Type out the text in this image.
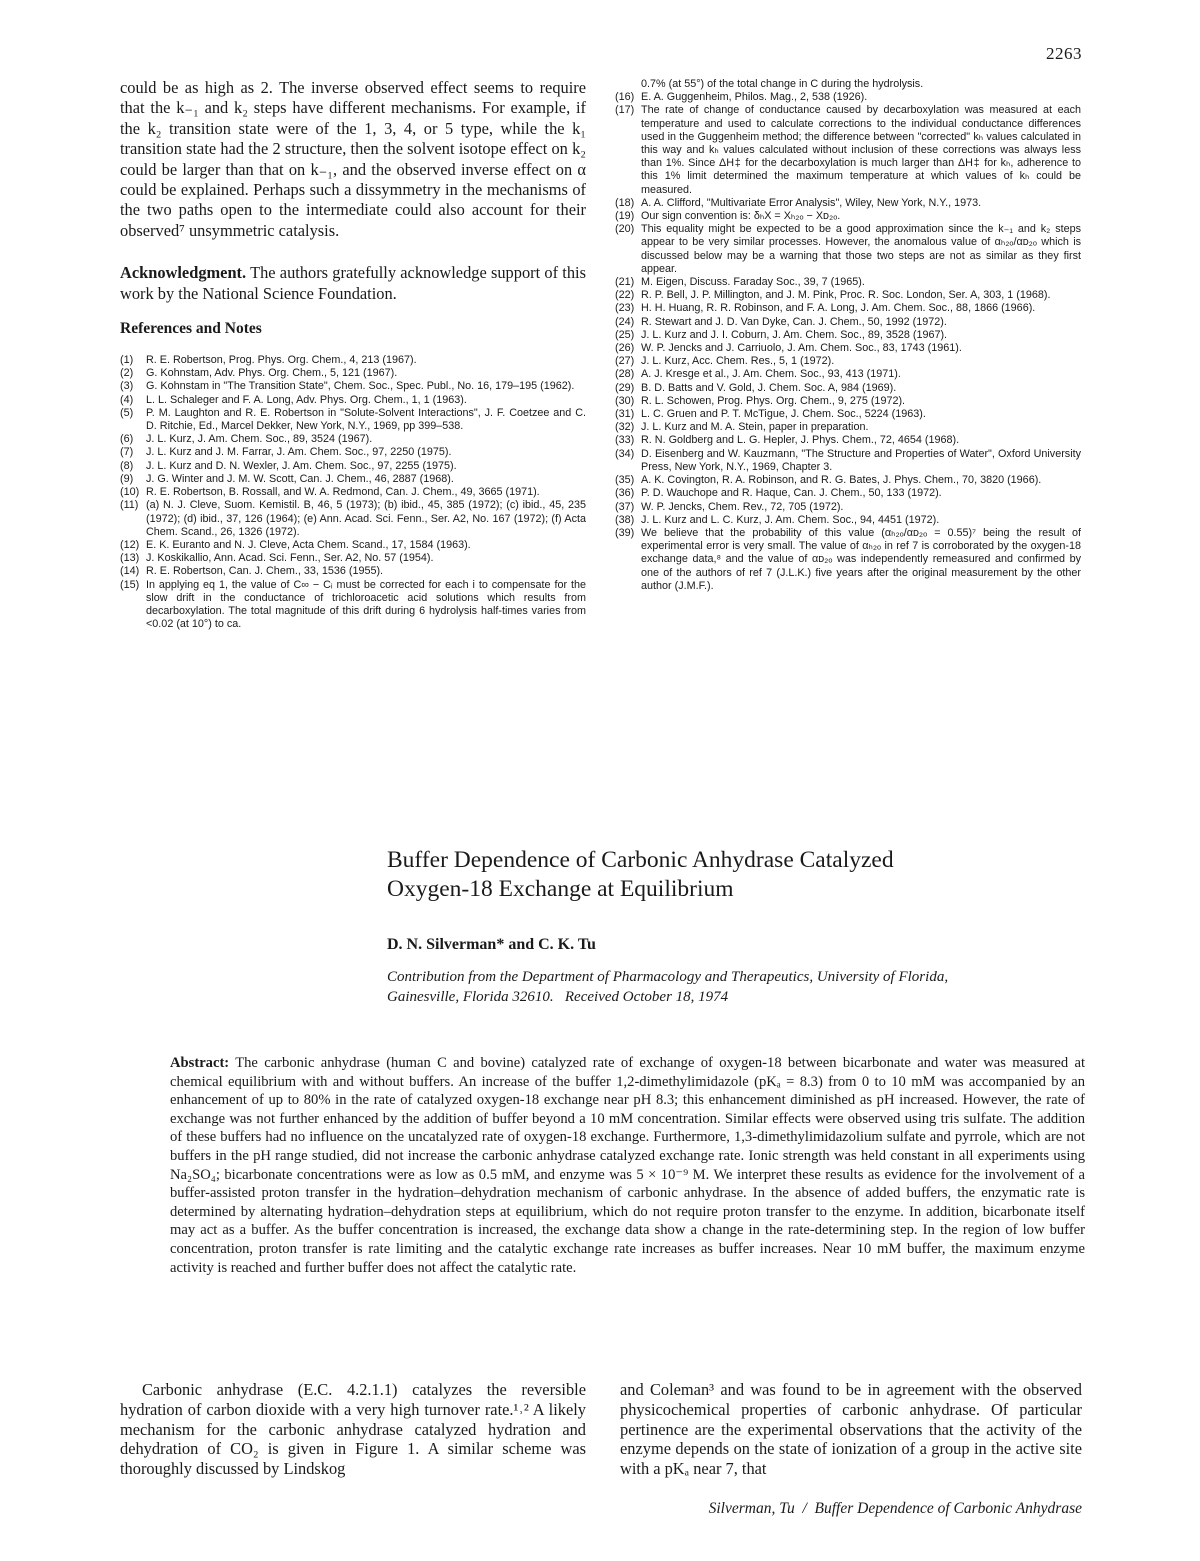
2263

could be as high as 2. The inverse observed effect seems to require that the k₋₁ and k₂ steps have different mechanisms. For example, if the k₂ transition state were of the 1, 3, 4, or 5 type, while the k₁ transition state had the 2 structure, then the solvent isotope effect on k₂ could be larger than that on k₋₁, and the observed inverse effect on α could be explained. Perhaps such a dissymmetry in the mechanisms of the two paths open to the intermediate could also account for their observed⁷ unsymmetric catalysis.

Acknowledgment. The authors gratefully acknowledge support of this work by the National Science Foundation.

References and Notes
(1)	R. E. Robertson, Prog. Phys. Org. Chem., 4, 213 (1967).
(2)	G. Kohnstam, Adv. Phys. Org. Chem., 5, 121 (1967).
(3)	G. Kohnstam in "The Transition State", Chem. Soc., Spec. Publ., No. 16, 179–195 (1962).
(4)	L. L. Schaleger and F. A. Long, Adv. Phys. Org. Chem., 1, 1 (1963).
(5)	P. M. Laughton and R. E. Robertson in "Solute-Solvent Interactions", J. F. Coetzee and C. D. Ritchie, Ed., Marcel Dekker, New York, N.Y., 1969, pp 399–538.
(6)	J. L. Kurz, J. Am. Chem. Soc., 89, 3524 (1967).
(7)	J. L. Kurz and J. M. Farrar, J. Am. Chem. Soc., 97, 2250 (1975).
(8)	J. L. Kurz and D. N. Wexler, J. Am. Chem. Soc., 97, 2255 (1975).
(9)	J. G. Winter and J. M. W. Scott, Can. J. Chem., 46, 2887 (1968).
(10) R. E. Robertson, B. Rossall, and W. A. Redmond, Can. J. Chem., 49, 3665 (1971).
(11) (a) N. J. Cleve, Suom. Kemistil. B, 46, 5 (1973); (b) ibid., 45, 385 (1972); (c) ibid., 45, 235 (1972); (d) ibid., 37, 126 (1964); (e) Ann. Acad. Sci. Fenn., Ser. A2, No. 167 (1972); (f) Acta Chem. Scand., 26, 1326 (1972).
(12) E. K. Euranto and N. J. Cleve, Acta Chem. Scand., 17, 1584 (1963).
(13) J. Koskikallio, Ann. Acad. Sci. Fenn., Ser. A2, No. 57 (1954).
(14) R. E. Robertson, Can. J. Chem., 33, 1536 (1955).
(15) In applying eq 1, the value of C∞ − Cᵢ must be corrected for each i to compensate for the slow drift in the conductance of trichloroacetic acid solutions which results from decarboxylation. The total magnitude of this drift during 6 hydrolysis half-times varies from <0.02 (at 10°) to ca.
0.7% (at 55°) of the total change in C during the hydrolysis.
(16) E. A. Guggenheim, Philos. Mag., 2, 538 (1926).
(17) The rate of change of conductance caused by decarboxylation was measured at each temperature and used to calculate corrections to the individual conductance differences used in the Guggenheim method; the difference between "corrected" kₕ values calculated in this way and kₕ values calculated without inclusion of these corrections was always less than 1%. Since ΔH‡ for the decarboxylation is much larger than ΔH‡ for kₕ, adherence to this 1% limit determined the maximum temperature at which values of kₕ could be measured.
(18) A. A. Clifford, "Multivariate Error Analysis", Wiley, New York, N.Y., 1973.
(19) Our sign convention is: δₕX = Xₕ₂ₒ − Xᴅ₂ₒ.
(20) This equality might be expected to be a good approximation since the k₋₁ and k₂ steps appear to be very similar processes. However, the anomalous value of αₕ₂ₒ/αᴅ₂ₒ which is discussed below may be a warning that those two steps are not as similar as they first appear.
(21) M. Eigen, Discuss. Faraday Soc., 39, 7 (1965).
(22) R. P. Bell, J. P. Millington, and J. M. Pink, Proc. R. Soc. London, Ser. A, 303, 1 (1968).
(23) H. H. Huang, R. R. Robinson, and F. A. Long, J. Am. Chem. Soc., 88, 1866 (1966).
(24) R. Stewart and J. D. Van Dyke, Can. J. Chem., 50, 1992 (1972).
(25) J. L. Kurz and J. I. Coburn, J. Am. Chem. Soc., 89, 3528 (1967).
(26) W. P. Jencks and J. Carriuolo, J. Am. Chem. Soc., 83, 1743 (1961).
(27) J. L. Kurz, Acc. Chem. Res., 5, 1 (1972).
(28) A. J. Kresge et al., J. Am. Chem. Soc., 93, 413 (1971).
(29) B. D. Batts and V. Gold, J. Chem. Soc. A, 984 (1969).
(30) R. L. Schowen, Prog. Phys. Org. Chem., 9, 275 (1972).
(31) L. C. Gruen and P. T. McTigue, J. Chem. Soc., 5224 (1963).
(32) J. L. Kurz and M. A. Stein, paper in preparation.
(33) R. N. Goldberg and L. G. Hepler, J. Phys. Chem., 72, 4654 (1968).
(34) D. Eisenberg and W. Kauzmann, "The Structure and Properties of Water", Oxford University Press, New York, N.Y., 1969, Chapter 3.
(35) A. K. Covington, R. A. Robinson, and R. G. Bates, J. Phys. Chem., 70, 3820 (1966).
(36) P. D. Wauchope and R. Haque, Can. J. Chem., 50, 133 (1972).
(37) W. P. Jencks, Chem. Rev., 72, 705 (1972).
(38) J. L. Kurz and L. C. Kurz, J. Am. Chem. Soc., 94, 4451 (1972).
(39) We believe that the probability of this value (αₕ₂ₒ/αᴅ₂ₒ = 0.55)⁷ being the result of experimental error is very small. The value of αₕ₂ₒ in ref 7 is corroborated by the oxygen-18 exchange data,⁸ and the value of αᴅ₂ₒ was independently remeasured and confirmed by one of the authors of ref 7 (J.L.K.) five years after the original measurement by the other author (J.M.F.).
Buffer Dependence of Carbonic Anhydrase Catalyzed
Oxygen-18 Exchange at Equilibrium
D. N. Silverman* and C. K. Tu
Contribution from the Department of Pharmacology and Therapeutics, University of Florida,
Gainesville, Florida 32610.   Received October 18, 1974
Abstract: The carbonic anhydrase (human C and bovine) catalyzed rate of exchange of oxygen-18 between bicarbonate and water was measured at chemical equilibrium with and without buffers. An increase of the buffer 1,2-dimethylimidazole (pKₐ = 8.3) from 0 to 10 mM was accompanied by an enhancement of up to 80% in the rate of catalyzed oxygen-18 exchange near pH 8.3; this enhancement diminished as pH increased. However, the rate of exchange was not further enhanced by the addition of buffer beyond a 10 mM concentration. Similar effects were observed using tris sulfate. The addition of these buffers had no influence on the uncatalyzed rate of oxygen-18 exchange. Furthermore, 1,3-dimethylimidazolium sulfate and pyrrole, which are not buffers in the pH range studied, did not increase the carbonic anhydrase catalyzed exchange rate. Ionic strength was held constant in all experiments using Na₂SO₄; bicarbonate concentrations were as low as 0.5 mM, and enzyme was 5 × 10⁻⁹ M. We interpret these results as evidence for the involvement of a buffer-assisted proton transfer in the hydration–dehydration mechanism of carbonic anhydrase. In the absence of added buffers, the enzymatic rate is determined by alternating hydration–dehydration steps at equilibrium, which do not require proton transfer to the enzyme. In addition, bicarbonate itself may act as a buffer. As the buffer concentration is increased, the exchange data show a change in the rate-determining step. In the region of low buffer concentration, proton transfer is rate limiting and the catalytic exchange rate increases as buffer increases. Near 10 mM buffer, the maximum enzyme activity is reached and further buffer does not affect the catalytic rate.

Carbonic anhydrase (E.C. 4.2.1.1) catalyzes the reversible hydration of carbon dioxide with a very high turnover rate.¹˒² A likely mechanism for the carbonic anhydrase catalyzed hydration and dehydration of CO₂ is given in Figure 1. A similar scheme was thoroughly discussed by Lindskog

and Coleman³ and was found to be in agreement with the observed physicochemical properties of carbonic anhydrase. Of particular pertinence are the experimental observations that the activity of the enzyme depends on the state of ionization of a group in the active site with a pKₐ near 7, that

Silverman, Tu  /  Buffer Dependence of Carbonic Anhydrase
